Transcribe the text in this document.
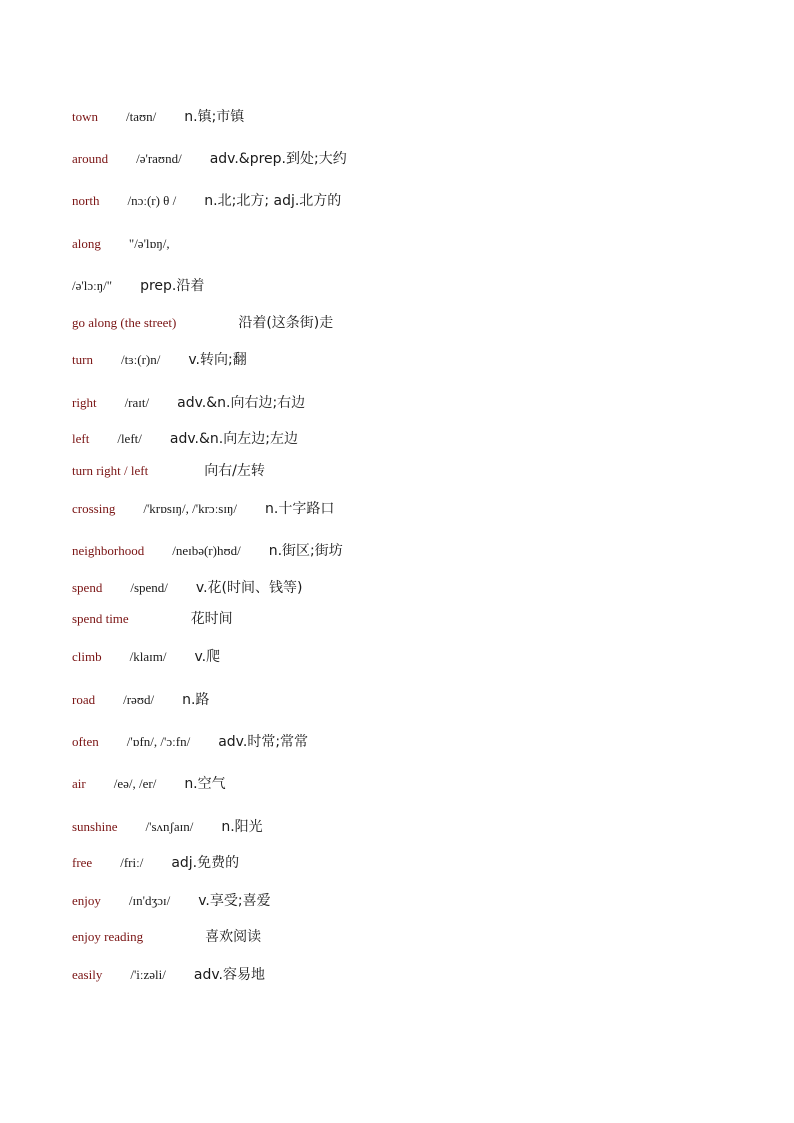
town /taʊn/ n.镇;市镇
around /ə'raʊnd/ adv.&prep.到处;大约
north /nɔː(r) θ / n.北;北方; adj.北方的
along "/ə'lɒŋ/,
/ə'lɔːŋ/" prep.沿着
go along (the street)	沿着(这条街)走
turn /tɜː(r)n/ v.转向;翻
right /raɪt/ adv.&n.向右边;右边
left /left/ adv.&n.向左边;左边
turn right / left	向右/左转
crossing /'krɒsɪŋ/, /'krɔːsɪŋ/ n.十字路口
neighborhood /neɪbə(r)hʊd/ n.街区;街坊
spend /spend/ v.花(时间、钱等)
spend time	花时间
climb /klaɪm/ v.爬
road /rəʊd/ n.路
often /'ɒfn/, /'ɔːfn/ adv.时常;常常
air /eə/, /er/ n.空气
sunshine /'sʌnʃaɪn/ n.阳光
free /friː/ adj.免费的
enjoy /ɪn'dʒɔɪ/ v.享受;喜爱
enjoy reading	喜欢阅读
easily /'iːzəli/ adv.容易地
